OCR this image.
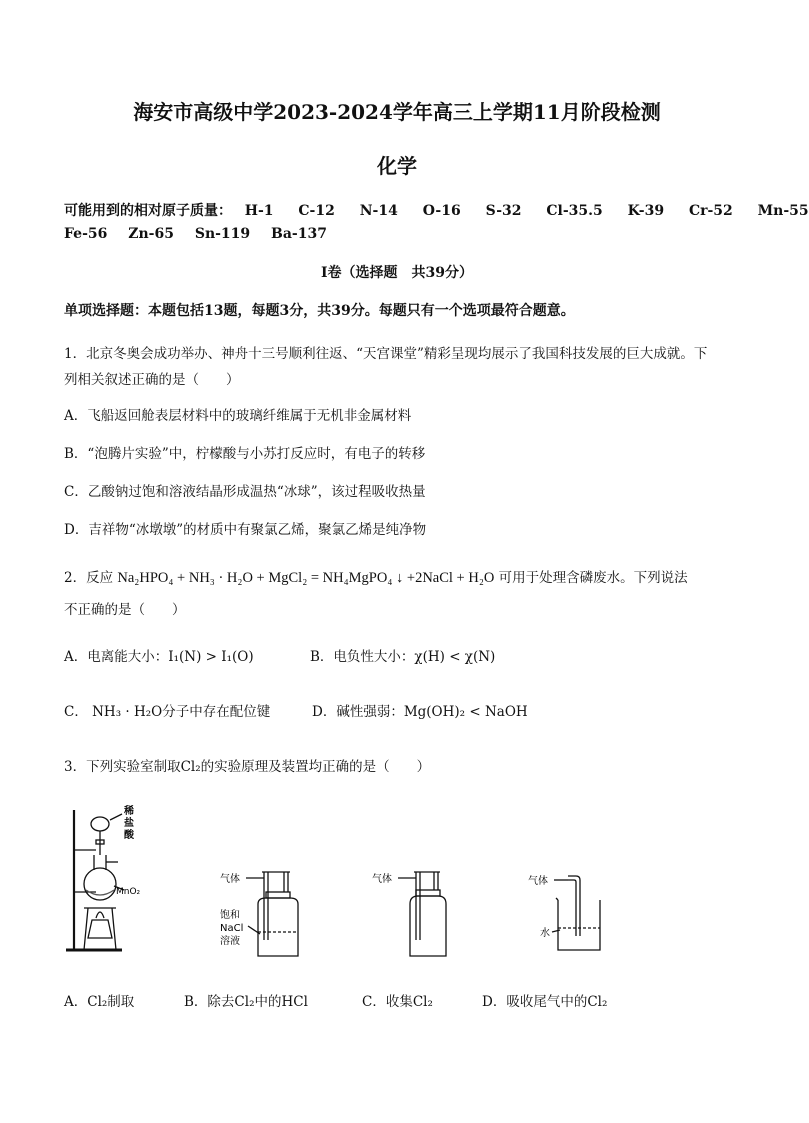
海安市高级中学2023-2024学年高三上学期11月阶段检测
化学
可能用到的相对原子质量： H-1 C-12 N-14 O-16 S-32 Cl-35.5 K-39 Cr-52 Mn-55
Fe-56 Zn-65 Sn-119 Ba-137
Ⅰ卷（选择题　共39分）
单项选择题：本题包括13题，每题3分，共39分。每题只有一个选项最符合题意。
1．北京冬奥会成功举办、神舟十三号顺利往返、“天宫课堂”精彩呈现均展示了我国科技发展的巨大成就。下
列相关叙述正确的是（　　）
A．飞船返回舱表层材料中的玻璃纤维属于无机非金属材料
B．“泡腾片实验”中，柠檬酸与小苏打反应时，有电子的转移
C．乙酸钠过饱和溶液结晶形成温热“冰球”，该过程吸收热量
D．吉祥物“冰墩墩”的材质中有聚氯乙烯，聚氯乙烯是纯净物
2．反应 Na₂HPO₄ + NH₃ · H₂O + MgCl₂ = NH₄MgPO₄ ↓ +2NaCl + H₂O 可用于处理含磷废水。下列说法
不正确的是（　　）
A．电离能大小：I₁(N) > I₁(O)	B．电负性大小：χ(H) < χ(N)
C． NH₃ · H₂O分子中存在配位键	D．碱性强弱：Mg(OH)₂ < NaOH
3．下列实验室制取Cl₂的实验原理及装置均正确的是（　　）
稀
盐
酸
MnO₂
气体
饱和
NaCl
溶液
气体	气体
水
A．Cl₂制取	B．除去Cl₂中的HCl	C．收集Cl₂	D．吸收尾气中的Cl₂
